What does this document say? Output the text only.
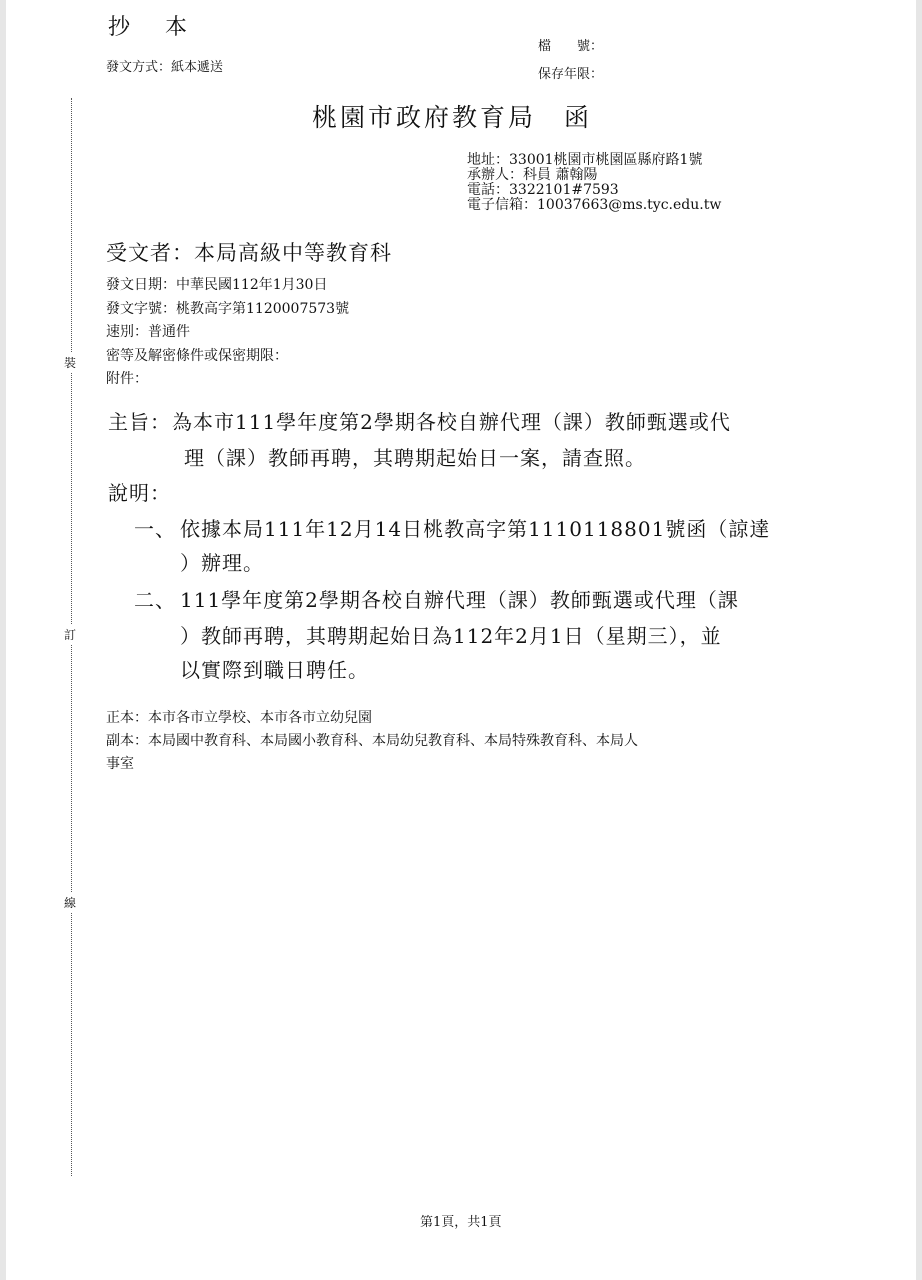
裝
訂
線
抄 本
發文方式：紙本遞送
檔　　號：
保存年限：
桃園市政府教育局　函
地址：33001桃園市桃園區縣府路1號
承辦人：科員 蕭翰陽
電話：3322101#7593
電子信箱：10037663@ms.tyc.edu.tw
受文者：本局高級中等教育科
發文日期：中華民國112年1月30日
發文字號：桃教高字第1120007573號
速別：普通件
密等及解密條件或保密期限：
附件：
主旨： 為本市111學年度第2學期各校自辦代理（課）教師甄選或代
理（課）教師再聘，其聘期起始日一案，請查照。
說明：
一、 依據本局111年12月14日桃教高字第1110118801號函（諒達
）辦理。
二、 111學年度第2學期各校自辦代理（課）教師甄選或代理（課
）教師再聘，其聘期起始日為112年2月1日（星期三），並
以實際到職日聘任。
正本：本市各市立學校、本市各市立幼兒園
副本：本局國中教育科、本局國小教育科、本局幼兒教育科、本局特殊教育科、本局人
事室
第1頁，共1頁
